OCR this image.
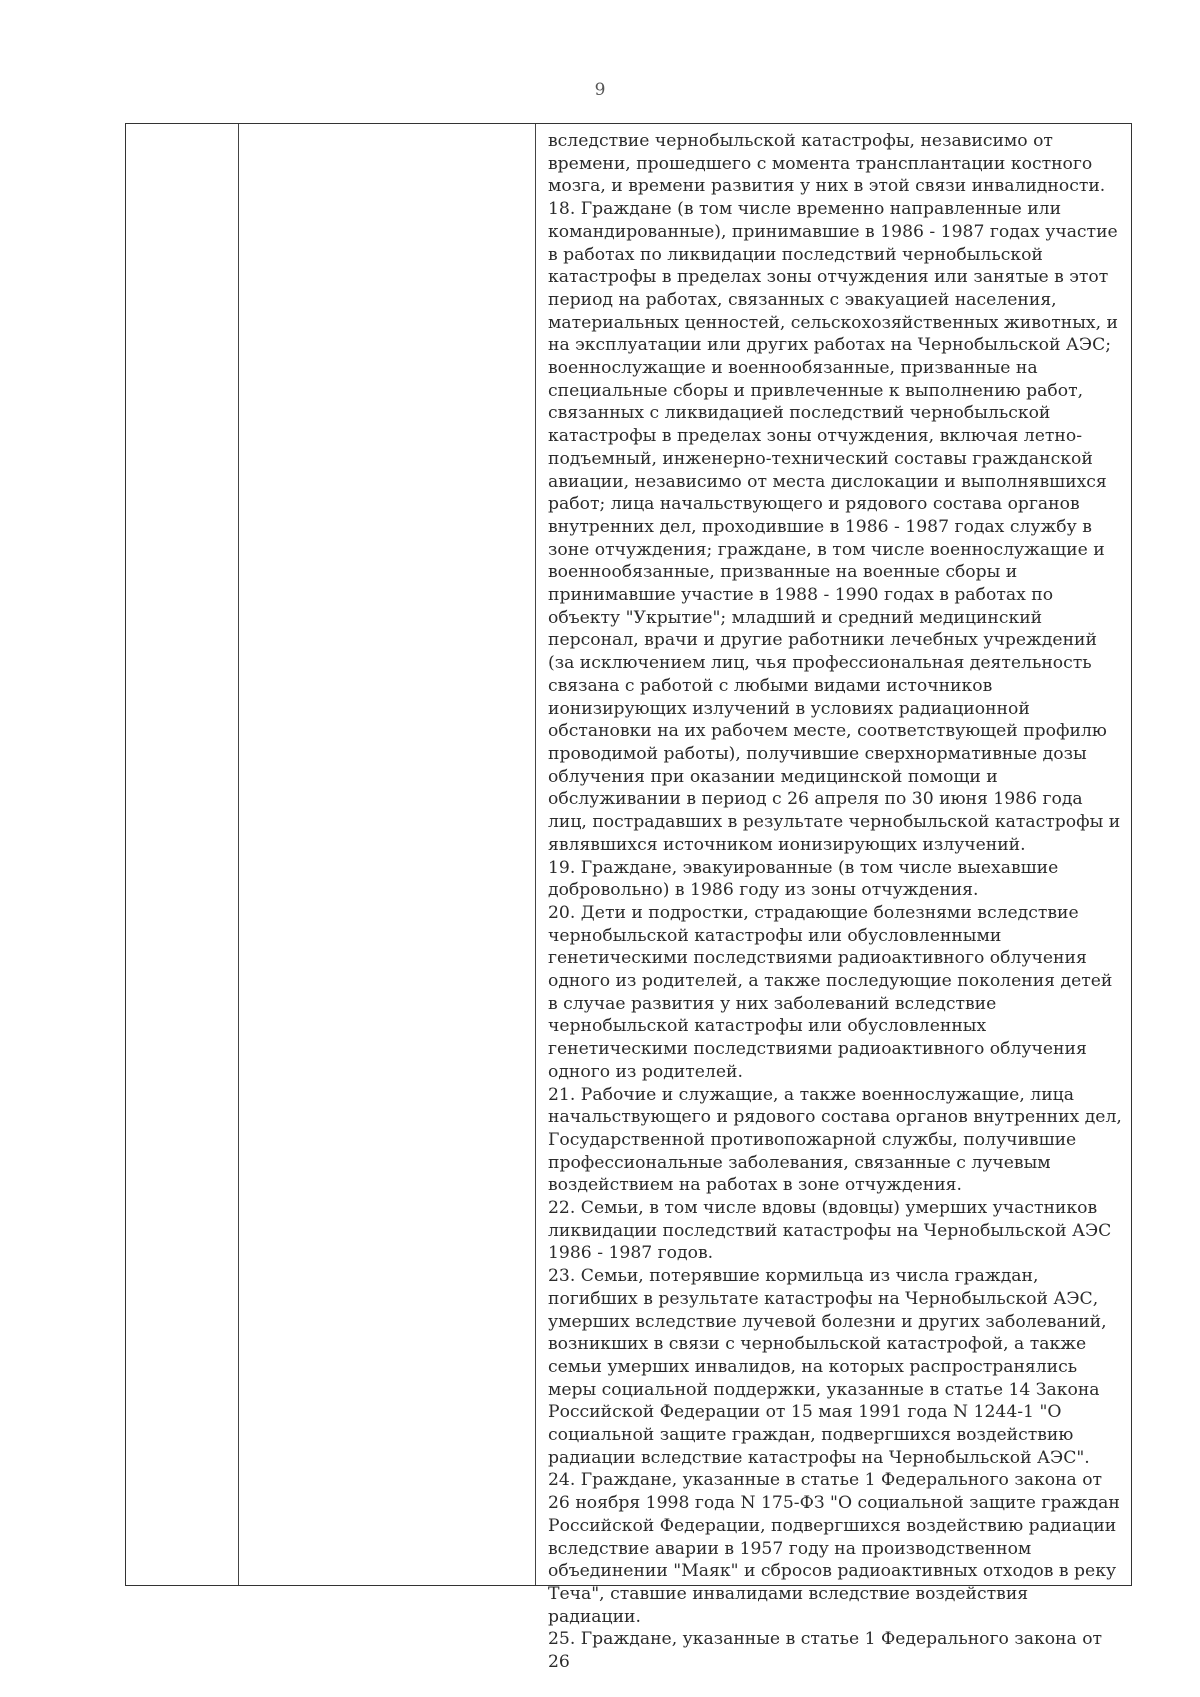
9

вследствие чернобыльской катастрофы, независимо от времени, прошедшего с момента трансплантации костного мозга, и времени развития у них в этой связи инвалидности.

18. Граждане (в том числе временно направленные или командированные), принимавшие в 1986 - 1987 годах участие в работах по ликвидации последствий чернобыльской катастрофы в пределах зоны отчуждения или занятые в этот период на работах, связанных с эвакуацией населения, материальных ценностей, сельскохозяйственных животных, и на эксплуатации или других работах на Чернобыльской АЭС; военнослужащие и военнообязанные, призванные на специальные сборы и привлеченные к выполнению работ, связанных с ликвидацией последствий чернобыльской катастрофы в пределах зоны отчуждения, включая летно-подъемный, инженерно-технический составы гражданской авиации, независимо от места дислокации и выполнявшихся работ; лица начальствующего и рядового состава органов внутренних дел, проходившие в 1986 - 1987 годах службу в зоне отчуждения; граждане, в том числе военнослужащие и военнообязанные, призванные на военные сборы и принимавшие участие в 1988 - 1990 годах в работах по объекту "Укрытие"; младший и средний медицинский персонал, врачи и другие работники лечебных учреждений (за исключением лиц, чья профессиональная деятельность связана с работой с любыми видами источников ионизирующих излучений в условиях радиационной обстановки на их рабочем месте, соответствующей профилю проводимой работы), получившие сверхнормативные дозы облучения при оказании медицинской помощи и обслуживании в период с 26 апреля по 30 июня 1986 года лиц, пострадавших в результате чернобыльской катастрофы и являвшихся источником ионизирующих излучений.

19. Граждане, эвакуированные (в том числе выехавшие добровольно) в 1986 году из зоны отчуждения.

20. Дети и подростки, страдающие болезнями вследствие чернобыльской катастрофы или обусловленными генетическими последствиями радиоактивного облучения одного из родителей, а также последующие поколения детей в случае развития у них заболеваний вследствие чернобыльской катастрофы или обусловленных генетическими последствиями радиоактивного облучения одного из родителей.

21. Рабочие и служащие, а также военнослужащие, лица начальствующего и рядового состава органов внутренних дел, Государственной противопожарной службы, получившие профессиональные заболевания, связанные с лучевым воздействием на работах в зоне отчуждения.

22. Семьи, в том числе вдовы (вдовцы) умерших участников ликвидации последствий катастрофы на Чернобыльской АЭС 1986 - 1987 годов.

23. Семьи, потерявшие кормильца из числа граждан, погибших в результате катастрофы на Чернобыльской АЭС, умерших вследствие лучевой болезни и других заболеваний, возникших в связи с чернобыльской катастрофой, а также семьи умерших инвалидов, на которых распространялись меры социальной поддержки, указанные в статье 14 Закона Российской Федерации от 15 мая 1991 года N 1244-1 "О социальной защите граждан, подвергшихся воздействию радиации вследствие катастрофы на Чернобыльской АЭС".

24. Граждане, указанные в статье 1 Федерального закона от 26 ноября 1998 года N 175-ФЗ "О социальной защите граждан Российской Федерации, подвергшихся воздействию радиации вследствие аварии в 1957 году на производственном объединении "Маяк" и сбросов радиоактивных отходов в реку Теча", ставшие инвалидами вследствие воздействия радиации.

25. Граждане, указанные в статье 1 Федерального закона от 26
